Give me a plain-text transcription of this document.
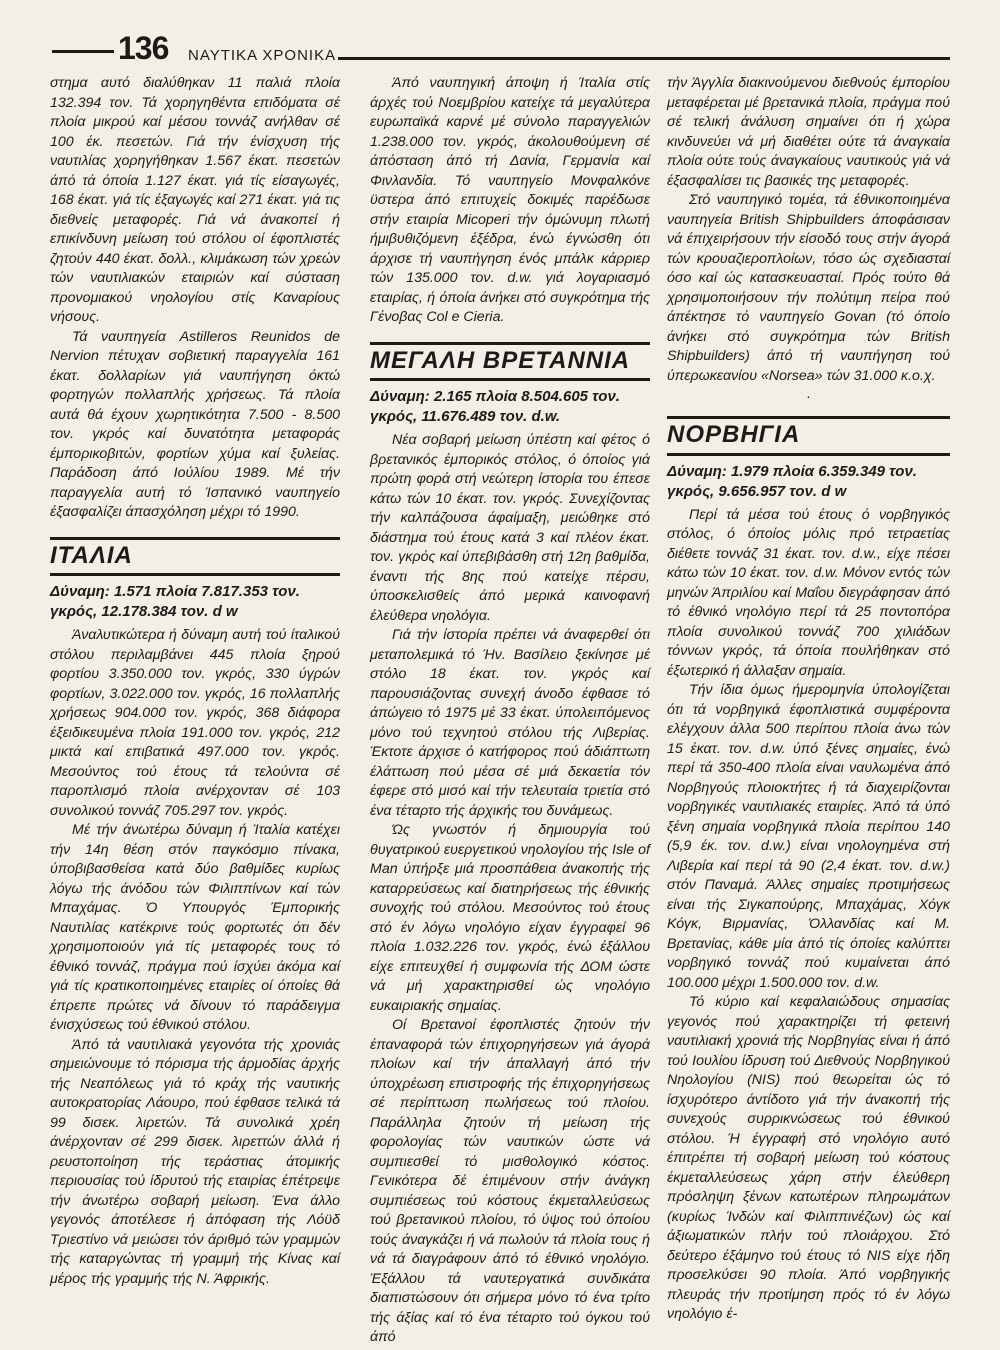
136 ΝΑΥΤΙΚΑ ΧΡΟΝΙΚΑ

στημα αυτό διαλύθηκαν 11 παλιά πλοία 132.394 τον. Τά χορηγηθέντα επιδόματα σέ πλοία μικρού καί μέσου τοννάζ ανήλθαν σέ 100 έκ. πεσετών. Γιά τήν ένίσχυση τής ναυτιλίας χορηγήθηκαν 1.567 έκατ. πεσετών άπό τά όποία 1.127 έκατ. γιά τίς είσαγωγές, 168 έκατ. γιά τίς έξαγωγές καί 271 έκατ. γιά τις διεθνείς μεταφορές. Γιά νά άνακοπεί ή επικίνδυνη μείωση τού στόλου οί έφοπλιστές ζητούν 440 έκατ. δολλ., κλιμάκωση τών χρεών τών ναυτιλιακών εταιριών καί σύσταση προνομιακού νηολογίου στίς Καναρίους νήσους.

Τά ναυπηγεία Astilleros Reunidos de Nervion πέτυχαν σοβιετική παραγγελία 161 έκατ. δολλαρίων γιά ναυπήγηση όκτώ φορτηγών πολλαπλής χρήσεως. Τά πλοία αυτά θά έχουν χωρητικότητα 7.500 - 8.500 τον. γκρός καί δυνατότητα μεταφοράς έμπορικοβιτών, φορτίων χύμα καί ξυλείας. Παράδοση άπό Ιούλίου 1989. Μέ τήν παραγγελία αυτή τό Ίσπανικό ναυπηγείο έξασφαλίζει άπασχόληση μέχρι τό 1990.

ΙΤΑΛΙΑ
Δύναμη: 1.571 πλοία 7.817.353 τον. γκρός, 12.178.384 τον. d w

Άναλυτικώτερα ή δύναμη αυτή τού ίταλικού στόλου περιλαμβάνει 445 πλοία ξηρού φορτίου 3.350.000 τον. γκρός, 330 ύγρών φορτίων, 3.022.000 τον. γκρός, 16 πολλαπλής χρήσεως 904.000 τον. γκρός, 368 διάφορα έξειδικευμένα πλοία 191.000 τον. γκρός, 212 μικτά καί επιβατικά 497.000 τον. γκρός. Μεσούντος τού έτους τά τελούντα σέ παροπλισμό πλοία ανέρχονταν σέ 103 συνολικού τοννάζ 705.297 τον. γκρός.

Μέ τήν άνωτέρω δύναμη ή Ίταλία κατέχει τήν 14η θέση στόν παγκόσμιο πίνακα, ύποβιβασθείσα κατά δύο βαθμίδες κυρίως λόγω τής άνόδου τών Φιλιππίνων καί τών Μπαχάμας. Ό Υπουργός Έμπορικής Ναυτιλίας κατέκρινε τούς φορτωτές ότι δέν χρησιμοποιούν γιά τίς μεταφορές τους τό έθνικό τοννάζ, πράγμα πού ίσχύει άκόμα καί γιά τίς κρατικοποιημένες εταιρίες οί όποίες θά έπρεπε πρώτες νά δίνουν τό παράδειγμα ένισχύσεως τού έθνικού στόλου.

Άπό τά ναυτιλιακά γεγονότα τής χρονιάς σημειώνουμε τό πόρισμα τής άρμοδίας άρχής τής Νεαπόλεως γιά τό κράχ τής ναυτικής αυτοκρατορίας Λάουρο, πού έφθασε τελικά τά 99 δισεκ. λιρετών. Τά συνολικά χρέη άνέρχονταν σέ 299 δισεκ. λιρεττών άλλά ή ρευστοποίηση τής τεράστιας άτομικής περιουσίας τού ίδρυτού τής εταιρίας έπέτρεψε τήν άνωτέρω σοβαρή μείωση. Ένα άλλο γεγονός άποτέλεσε ή άπόφαση τής Λόϋδ Τριεστίνο νά μειώσει τόν άριθμό τών γραμμών τής καταργώντας τή γραμμή τής Κίνας καί μέρος τής γραμμής τής Ν. Άφρικής.

Άπό ναυπηγική άποψη ή Ίταλία στίς άρχές τού Νοεμβρίου κατείχε τά μεγαλύτερα ευρωπαϊκά καρνέ μέ σύνολο παραγγελιών 1.238.000 τον. γκρός, άκολουθούμενη σέ άπόσταση άπό τή Δανία, Γερμανία καί Φινλανδία. Τό ναυπηγείο Μονφαλκόνε ϋστερα άπό επιτυχείς δοκιμές παρέδωσε στήν εταιρία Micoperi τήν όμώνυμη πλωτή ήμιβυθιζόμενη έξέδρα, ένώ έγνώσθη ότι άρχισε τή ναυπήγηση ένός μπάλκ κάρριερ τών 135.000 τον. d.w. γιά λογαριασμό εταιρίας, ή όποία άνήκει στό συγκρότημα τής Γένοβας Col e Cieria.

ΜΕΓΑΛΗ ΒΡΕΤΑΝΝΙΑ
Δύναμη: 2.165 πλοία 8.504.605 τον. γκρός, 11.676.489 τον. d.w.

Νέα σοβαρή μείωση ύπέστη καί φέτος ό βρετανικός έμπορικός στόλος, ό όποίος γιά πρώτη φορά στή νεώτερη ίστορία του έπεσε κάτω τών 10 έκατ. τον. γκρός. Συνεχίζοντας τήν καλπάζουσα άφαίμαξη, μειώθηκε στό διάστημα τού έτους κατά 3 καί πλέον έκατ. τον. γκρός καί ύπεβιβάσθη στή 12η βαθμίδα, έναντι τής 8ης πού κατείχε πέρσυ, ύποσκελισθείς άπό μερικά καινοφανή έλεύθερα νηολόγια.

Γιά τήν ίστορία πρέπει νά άναφερθεί ότι μεταπολεμικά τό Ήν. Βασίλειο ξεκίνησε μέ στόλο 18 έκατ. τον. γκρός καί παρουσιάζοντας συνεχή άνοδο έφθασε τό άπώγειο τό 1975 μέ 33 έκατ. ύπολειπόμενος μόνο τού τεχνητού στόλου τής Λιβερίας. Έκτοτε άρχισε ό κατήφορος πού άδιάπτωτη έλάττωση πού μέσα σέ μιά δεκαετία τόν έφερε στό μισό καί τήν τελευταία τριετία στό ένα τέταρτο τής άρχικής του δυνάμεως.

Ώς γνωστόν ή δημιουργία τού θυγατρικού ευεργετικού νηολογίου τής Isle of Man ύπήρξε μιά προσπάθεια άνακοπής τής καταρρεύσεως καί διατηρήσεως τής έθνικής συνοχής τού στόλου. Μεσούντος τού έτους στό έν λόγω νηολόγιο είχαν έγγραφεί 96 πλοία 1.032.226 τον. γκρός, ένώ έξάλλου είχε επιτευχθεί ή συμφωνία τής ΔΟΜ ώστε νά μή χαρακτηρισθεί ώς νηολόγιο ευκαιριακής σημαίας.

Οί Βρετανοί έφοπλιστές ζητούν τήν έπαναφορά τών έπιχορηγήσεων γιά άγορά πλοίων καί τήν άπαλλαγή άπό τήν ύποχρέωση επιστροφής τής έπιχορηγήσεως σέ περίπτωση πωλήσεως τού πλοίου. Παράλληλα ζητούν τή μείωση τής φορολογίας τών ναυτικών ώστε νά συμπιεσθεί τό μισθολογικό κόστος. Γενικότερα δέ έπιμένουν στήν άνάγκη συμπιέσεως τού κόστους έκμεταλλεύσεως τού βρετανικού πλοίου, τό ύψος τού όποίου τούς άναγκάζει ή νά πωλούν τά πλοία τους ή νά τά διαγράφουν άπό τό έθνικό νηολόγιο. Έξάλλου τά ναυτεργατικά συνδικάτα διαπιστώσουν ότι σήμερα μόνο τό ένα τρίτο τής άξίας καί τό ένα τέταρτο τού όγκου τού άπό

τήν Άγγλία διακινούμενου διεθνούς έμπορίου μεταφέρεται μέ βρετανικά πλοία, πράγμα πού σέ τελική άνάλυση σημαίνει ότι ή χώρα κινδυνεύει νά μή διαθέτει ούτε τά άναγκαία πλοία ούτε τούς άναγκαίους ναυτικούς γιά νά έξασφαλίσει τις βασικές της μεταφορές.

Στό ναυπηγικό τομέα, τά έθνικοποιημένα ναυπηγεία British Shipbuilders άποφάσισαν νά έπιχειρήσουν τήν είσοδό τους στήν άγορά τών κρουαζιεροπλοίων, τόσο ώς σχεδιασταί όσο καί ώς κατασκευασταί. Πρός τούτο θά χρησιμοποιήσουν τήν πολύτιμη πείρα πού άπέκτησε τό ναυπηγείο Govan (τό όποίο άνήκει στό συγκρότημα τών British Shipbuilders) άπό τή ναυπήγηση τού ύπερωκεανίου «Norsea» τών 31.000 κ.ο.χ.

·
ΝΟΡΒΗΓΙΑ
Δύναμη: 1.979 πλοία 6.359.349 τον. γκρός, 9.656.957 τον. d w

Περί τά μέσα τού έτους ό νορβηγικός στόλος, ό όποίος μόλις πρό τετραετίας διέθετε τοννάζ 31 έκατ. τον. d.w., είχε πέσει κάτω τών 10 έκατ. τον. d.w. Μόνον εντός τών μηνών Άπριλίου καί Μαΐου διεγράφησαν άπό τό έθνικό νηολόγιο περί τά 25 ποντοπόρα πλοία συνολικού τοννάζ 700 χιλιάδων τόννων γκρός, τά όποία πουλήθηκαν στό έξωτερικό ή άλλαξαν σημαία.

Τήν ίδια όμως ήμερομηνία ύπολογίζεται ότι τά νορβηγικά έφοπλιστικά συμφέροντα ελέγχουν άλλα 500 περίπου πλοία άνω τών 15 έκατ. τον. d.w. ύπό ξένες σημαίες, ένώ περί τά 350-400 πλοία είναι ναυλωμένα άπό Νορβηγούς πλοιοκτήτες ή τά διαχειρίζονται νορβηγικές ναυτιλιακές εταιρίες. Άπό τά ύπό ξένη σημαία νορβηγικά πλοία περίπου 140 (5,9 έκ. τον. d.w.) είναι νηολογημένα στή Λιβερία καί περί τά 90 (2,4 έκατ. τον. d.w.) στόν Παναμά. Άλλες σημαίες προτιμήσεως είναι τής Σιγκαπούρης, Μπαχάμας, Χόγκ Κόγκ, Βιρμανίας, Όλλανδίας καί Μ. Βρετανίας, κάθε μία άπό τίς όποίες καλύπτει νορβηγικό τοννάζ πού κυμαίνεται άπό 100.000 μέχρι 1.500.000 τον. d.w.

Τό κύριο καί κεφαλαιώδους σημασίας γεγονός πού χαρακτηρίζει τή φετεινή ναυτιλιακή χρονιά τής Νορβηγίας είναι ή άπό τού Ιουλίου ίδρυση τού Διεθνούς Νορβηγικού Νηολογίου (NIS) πού θεωρείται ώς τό ίσχυρότερο άντίδοτο γιά τήν άνακοπή τής συνεχούς συρρικνώσεως τού έθνικού στόλου. Ή έγγραφή στό νηολόγιο αυτό έπιτρέπει τή σοβαρή μείωση τού κόστους έκμεταλλεύσεως χάρη στήν έλεύθερη πρόσληψη ξένων κατωτέρων πληρωμάτων (κυρίως Ίνδών καί Φιλιππινέζων) ώς καί άξιωματικών πλήν τού πλοιάρχου. Στό δεύτερο έξάμηνο τού έτους τό NIS είχε ήδη προσελκύσει 90 πλοία. Άπό νορβηγικής πλευράς τήν προτίμηση πρός τό έν λόγω νηολόγιο έ-
